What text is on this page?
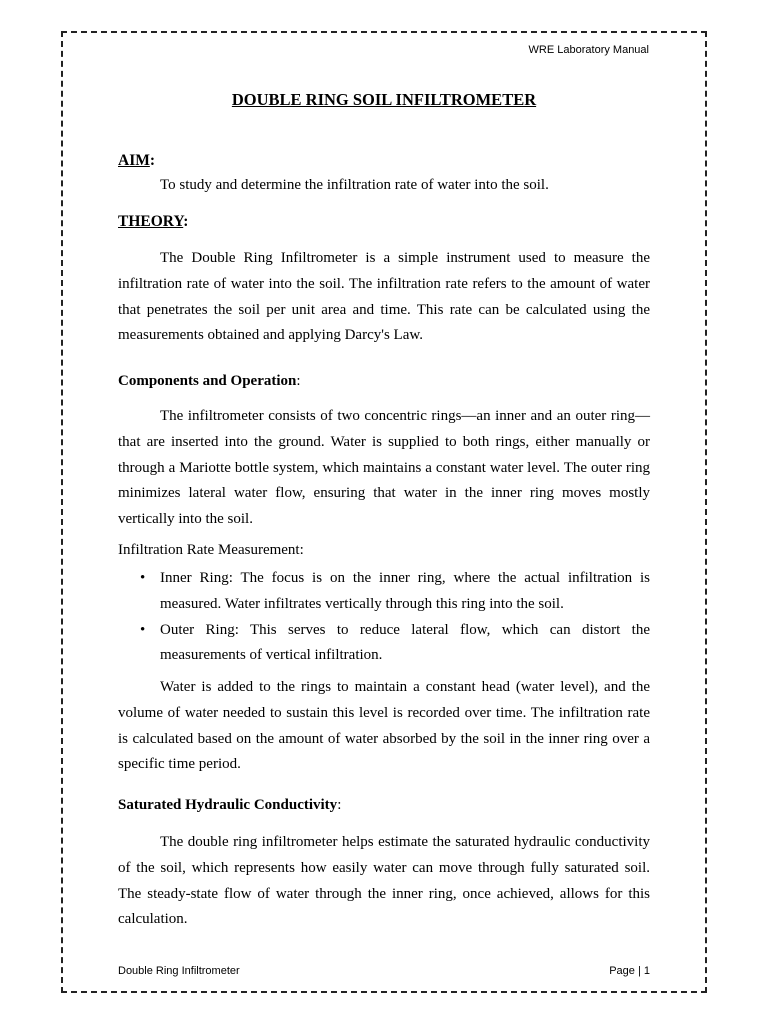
WRE Laboratory Manual
DOUBLE RING SOIL INFILTROMETER
AIM:
To study and determine the infiltration rate of water into the soil.
THEORY:

The Double Ring Infiltrometer is a simple instrument used to measure the infiltration rate of water into the soil. The infiltration rate refers to the amount of water that penetrates the soil per unit area and time. This rate can be calculated using the measurements obtained and applying Darcy's Law.

Components and Operation:

The infiltrometer consists of two concentric rings—an inner and an outer ring—that are inserted into the ground. Water is supplied to both rings, either manually or through a Mariotte bottle system, which maintains a constant water level. The outer ring minimizes lateral water flow, ensuring that water in the inner ring moves mostly vertically into the soil.

Infiltration Rate Measurement:
• Inner Ring: The focus is on the inner ring, where the actual infiltration is measured. Water infiltrates vertically through this ring into the soil.
• Outer Ring: This serves to reduce lateral flow, which can distort the measurements of vertical infiltration.

Water is added to the rings to maintain a constant head (water level), and the volume of water needed to sustain this level is recorded over time. The infiltration rate is calculated based on the amount of water absorbed by the soil in the inner ring over a specific time period.

Saturated Hydraulic Conductivity:

The double ring infiltrometer helps estimate the saturated hydraulic conductivity of the soil, which represents how easily water can move through fully saturated soil. The steady-state flow of water through the inner ring, once achieved, allows for this calculation.

Double Ring Infiltrometer	Page | 1
